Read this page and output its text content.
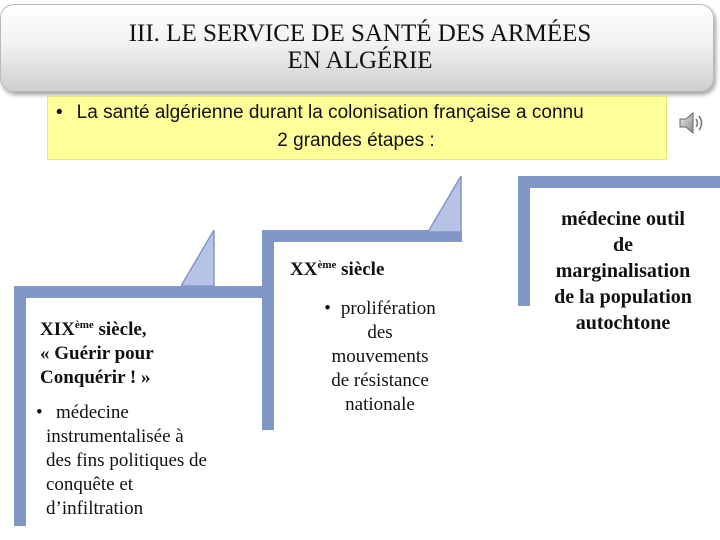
III. LE SERVICE DE SANTÉ DES ARMÉES
EN ALGÉRIE
• La santé algérienne durant la colonisation française a connu
2 grandes étapes :
XIXème siècle,
« Guérir pour
Conquérir ! »
• médecine
instrumentalisée à
des fins politiques de
conquête et
d’infiltration
XXème siècle
• prolifération
des
mouvements
de résistance
nationale
médecine outil
de
marginalisation
de la population
autochtone
